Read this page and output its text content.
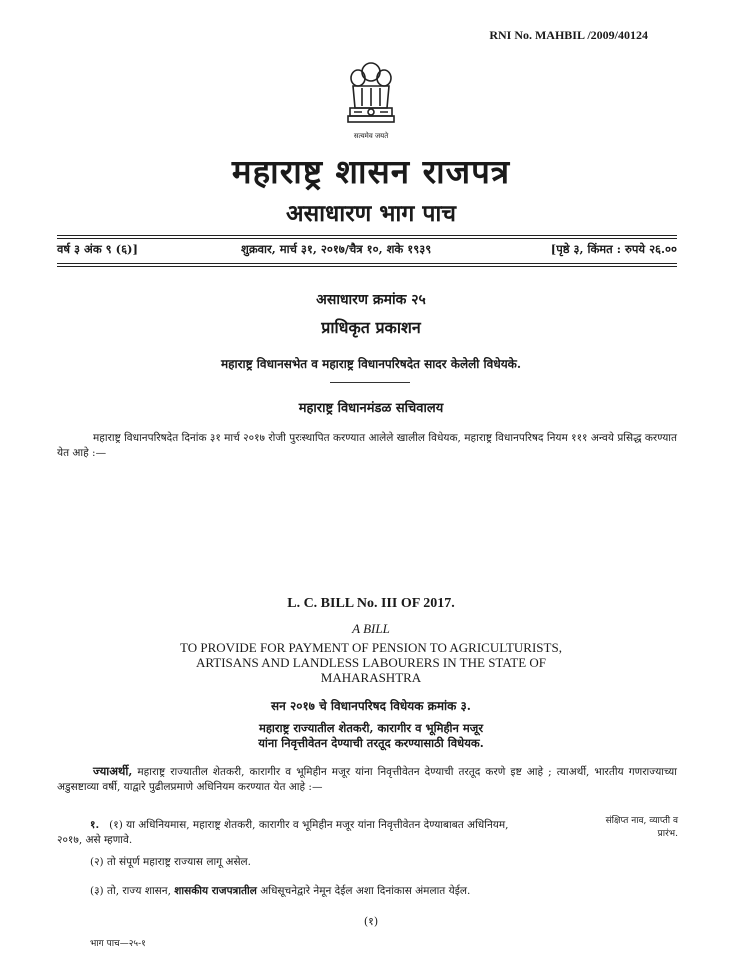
RNI No. MAHBIL /2009/40124
सत्यमेव जयते
महाराष्ट्र शासन राजपत्र
असाधारण भाग पाच
वर्ष ३ अंक ९ (६)]	शुक्रवार, मार्च ३१, २०१७/चैत्र १०, शके १९३९	[पृष्ठे ३, किंमत : रुपये २६.००
असाधारण क्रमांक २५
प्राधिकृत प्रकाशन
महाराष्ट्र विधानसभेत व महाराष्ट्र विधानपरिषदेत सादर केलेली विधेयके.
महाराष्ट्र विधानमंडळ सचिवालय
महाराष्ट्र विधानपरिषदेत दिनांक ३१ मार्च २०१७ रोजी पुरःस्थापित करण्यात आलेले खालील विधेयक, महाराष्ट्र विधानपरिषद नियम १११ अन्वये प्रसिद्ध करण्यात येत आहे :—
L. C. BILL No. III OF 2017.
A BILL
TO PROVIDE FOR PAYMENT OF PENSION TO AGRICULTURISTS,
ARTISANS AND LANDLESS LABOURERS IN THE STATE OF
MAHARASHTRA
सन २०१७ चे विधानपरिषद विधेयक क्रमांक ३.
महाराष्ट्र राज्यातील शेतकरी, कारागीर व भूमिहीन मजूर
यांना निवृत्तीवेतन देण्याची तरतूद करण्यासाठी विधेयक.
ज्याअर्थी, महाराष्ट्र राज्यातील शेतकरी, कारागीर व भूमिहीन मजूर यांना निवृत्तीवेतन देण्याची तरतूद करणे इष्ट आहे ; त्याअर्थी, भारतीय गणराज्याच्या अडुसष्टाव्या वर्षी, याद्वारे पुढीलप्रमाणे अधिनियम करण्यात येत आहे :—
१. (१) या अधिनियमास, महाराष्ट्र शेतकरी, कारागीर व भूमिहीन मजूर यांना निवृत्तीवेतन देण्याबाबत अधिनियम,
२०१७, असे म्हणावे.
संक्षिप्त नाव, व्याप्ती व प्रारंभ.
(२) तो संपूर्ण महाराष्ट्र राज्यास लागू असेल.
(३) तो, राज्य शासन, शासकीय राजपत्रातील अधिसूचनेद्वारे नेमून देईल अशा दिनांकास अंमलात येईल.
(१)
भाग पाच—२५-१
